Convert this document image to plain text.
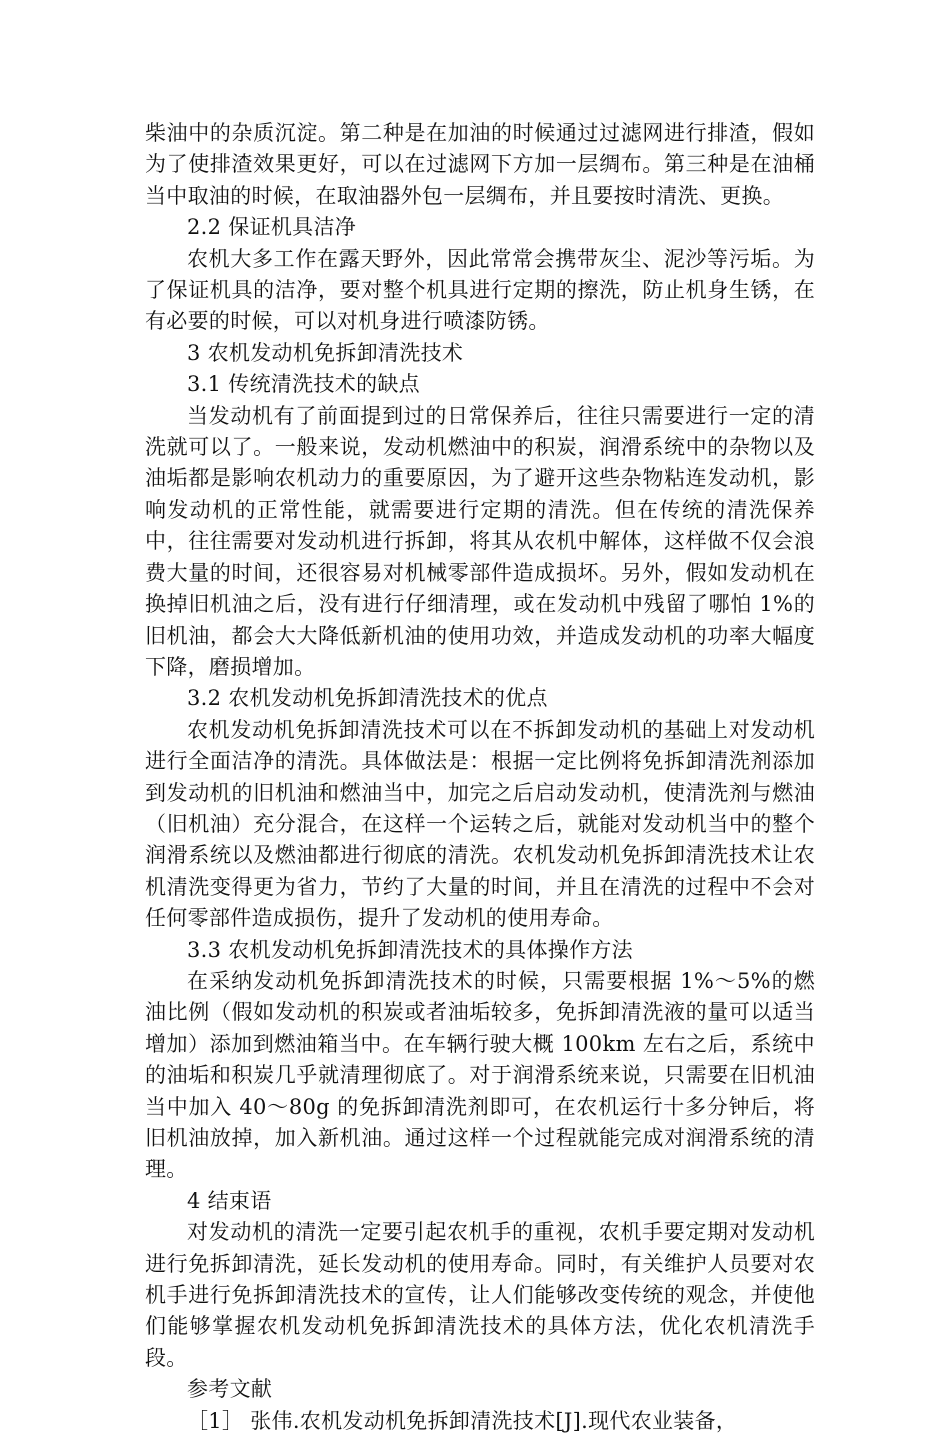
柴油中的杂质沉淀。第二种是在加油的时候通过过滤网进行排渣，假如为了使排渣效果更好，可以在过滤网下方加一层绸布。第三种是在油桶当中取油的时候，在取油器外包一层绸布，并且要按时清洗、更换。

2.2 保证机具洁净

农机大多工作在露天野外，因此常常会携带灰尘、泥沙等污垢。为了保证机具的洁净，要对整个机具进行定期的擦洗，防止机身生锈，在有必要的时候，可以对机身进行喷漆防锈。

3 农机发动机免拆卸清洗技术

3.1 传统清洗技术的缺点

当发动机有了前面提到过的日常保养后，往往只需要进行一定的清洗就可以了。一般来说，发动机燃油中的积炭，润滑系统中的杂物以及油垢都是影响农机动力的重要原因，为了避开这些杂物粘连发动机，影响发动机的正常性能，就需要进行定期的清洗。但在传统的清洗保养中，往往需要对发动机进行拆卸，将其从农机中解体，这样做不仅会浪费大量的时间，还很容易对机械零部件造成损坏。另外，假如发动机在换掉旧机油之后，没有进行仔细清理，或在发动机中残留了哪怕 1%的旧机油，都会大大降低新机油的使用功效，并造成发动机的功率大幅度下降，磨损增加。

3.2 农机发动机免拆卸清洗技术的优点

农机发动机免拆卸清洗技术可以在不拆卸发动机的基础上对发动机进行全面洁净的清洗。具体做法是：根据一定比例将免拆卸清洗剂添加到发动机的旧机油和燃油当中，加完之后启动发动机，使清洗剂与燃油（旧机油）充分混合，在这样一个运转之后，就能对发动机当中的整个润滑系统以及燃油都进行彻底的清洗。农机发动机免拆卸清洗技术让农机清洗变得更为省力，节约了大量的时间，并且在清洗的过程中不会对任何零部件造成损伤，提升了发动机的使用寿命。

3.3 农机发动机免拆卸清洗技术的具体操作方法

在采纳发动机免拆卸清洗技术的时候，只需要根据 1%～5%的燃油比例（假如发动机的积炭或者油垢较多，免拆卸清洗液的量可以适当增加）添加到燃油箱当中。在车辆行驶大概 100km 左右之后，系统中的油垢和积炭几乎就清理彻底了。对于润滑系统来说，只需要在旧机油当中加入 40～80g 的免拆卸清洗剂即可，在农机运行十多分钟后，将旧机油放掉，加入新机油。通过这样一个过程就能完成对润滑系统的清理。

4 结束语

对发动机的清洗一定要引起农机手的重视，农机手要定期对发动机进行免拆卸清洗，延长发动机的使用寿命。同时，有关维护人员要对农机手进行免拆卸清洗技术的宣传，让人们能够改变传统的观念，并使他们能够掌握农机发动机免拆卸清洗技术的具体方法，优化农机清洗手段。

参考文献

［1］ 张伟.农机发动机免拆卸清洗技术[J].现代农业装备，
